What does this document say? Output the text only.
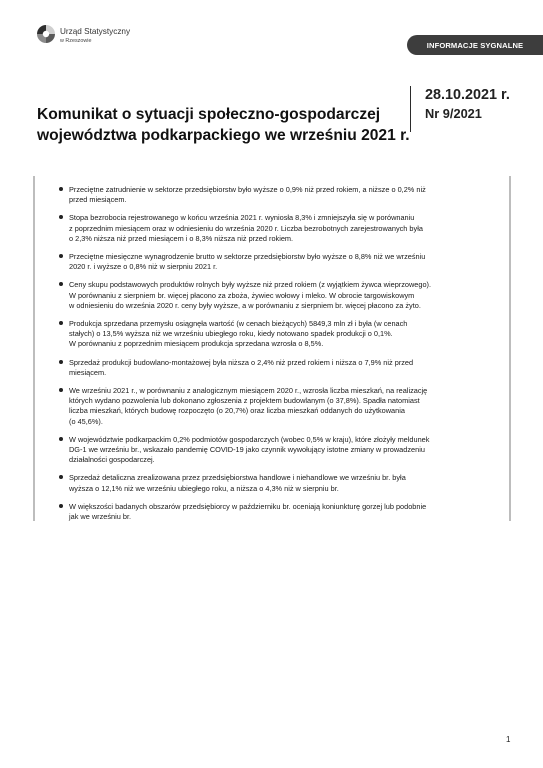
Urząd Statystyczny
w Rzeszowie	INFORMACJE SYGNALNE
Komunikat o sytuacji społeczno-gospodarczej
województwa podkarpackiego we wrześniu 2021 r.
28.10.2021 r.
Nr 9/2021
Przeciętne zatrudnienie w sektorze przedsiębiorstw było wyższe o 0,9% niż przed rokiem, a niższe o 0,2% niż
przed miesiącem.
Stopa bezrobocia rejestrowanego w końcu września 2021 r. wyniosła 8,3% i zmniejszyła się w porównaniu
z poprzednim miesiącem oraz w odniesieniu do września 2020 r. Liczba bezrobotnych zarejestrowanych była
o 2,3% niższa niż przed miesiącem i o 8,3% niższa niż przed rokiem.
Przeciętne miesięczne wynagrodzenie brutto w sektorze przedsiębiorstw było wyższe o 8,8% niż we wrześniu
2020 r. i wyższe o 0,8% niż w sierpniu 2021 r.
Ceny skupu podstawowych produktów rolnych były wyższe niż przed rokiem (z wyjątkiem żywca wieprzowego).
W porównaniu z sierpniem br. więcej płacono za zboża, żywiec wołowy i mleko. W obrocie targowiskowym
w odniesieniu do września 2020 r. ceny były wyższe, a w porównaniu z sierpniem br. więcej płacono za żyto.
Produkcja sprzedana przemysłu osiągnęła wartość (w cenach bieżących) 5849,3 mln zł i była (w cenach
stałych) o 13,5% wyższa niż we wrześniu ubiegłego roku, kiedy notowano spadek produkcji o 0,1%.
W porównaniu z poprzednim miesiącem produkcja sprzedana wzrosła o 8,5%.
Sprzedaż produkcji budowlano-montażowej była niższa o 2,4% niż przed rokiem i niższa o 7,9% niż przed
miesiącem.
We wrześniu 2021 r., w porównaniu z analogicznym miesiącem 2020 r., wzrosła liczba mieszkań, na realizację
których wydano pozwolenia lub dokonano zgłoszenia z projektem budowlanym (o 37,8%). Spadła natomiast
liczba mieszkań, których budowę rozpoczęto (o 20,7%) oraz liczba mieszkań oddanych do użytkowania
(o 45,6%).
W województwie podkarpackim 0,2% podmiotów gospodarczych (wobec 0,5% w kraju), które złożyły meldunek
DG-1 we wrześniu br., wskazało pandemię COVID-19 jako czynnik wywołujący istotne zmiany w prowadzeniu
działalności gospodarczej.
Sprzedaż detaliczna zrealizowana przez przedsiębiorstwa handlowe i niehandlowe we wrześniu br. była
wyższa o 12,1% niż we wrześniu ubiegłego roku, a niższa o 4,3% niż w sierpniu br.
W większości badanych obszarów przedsiębiorcy w październiku br. oceniają koniunkturę gorzej lub podobnie
jak we wrześniu br.
1
